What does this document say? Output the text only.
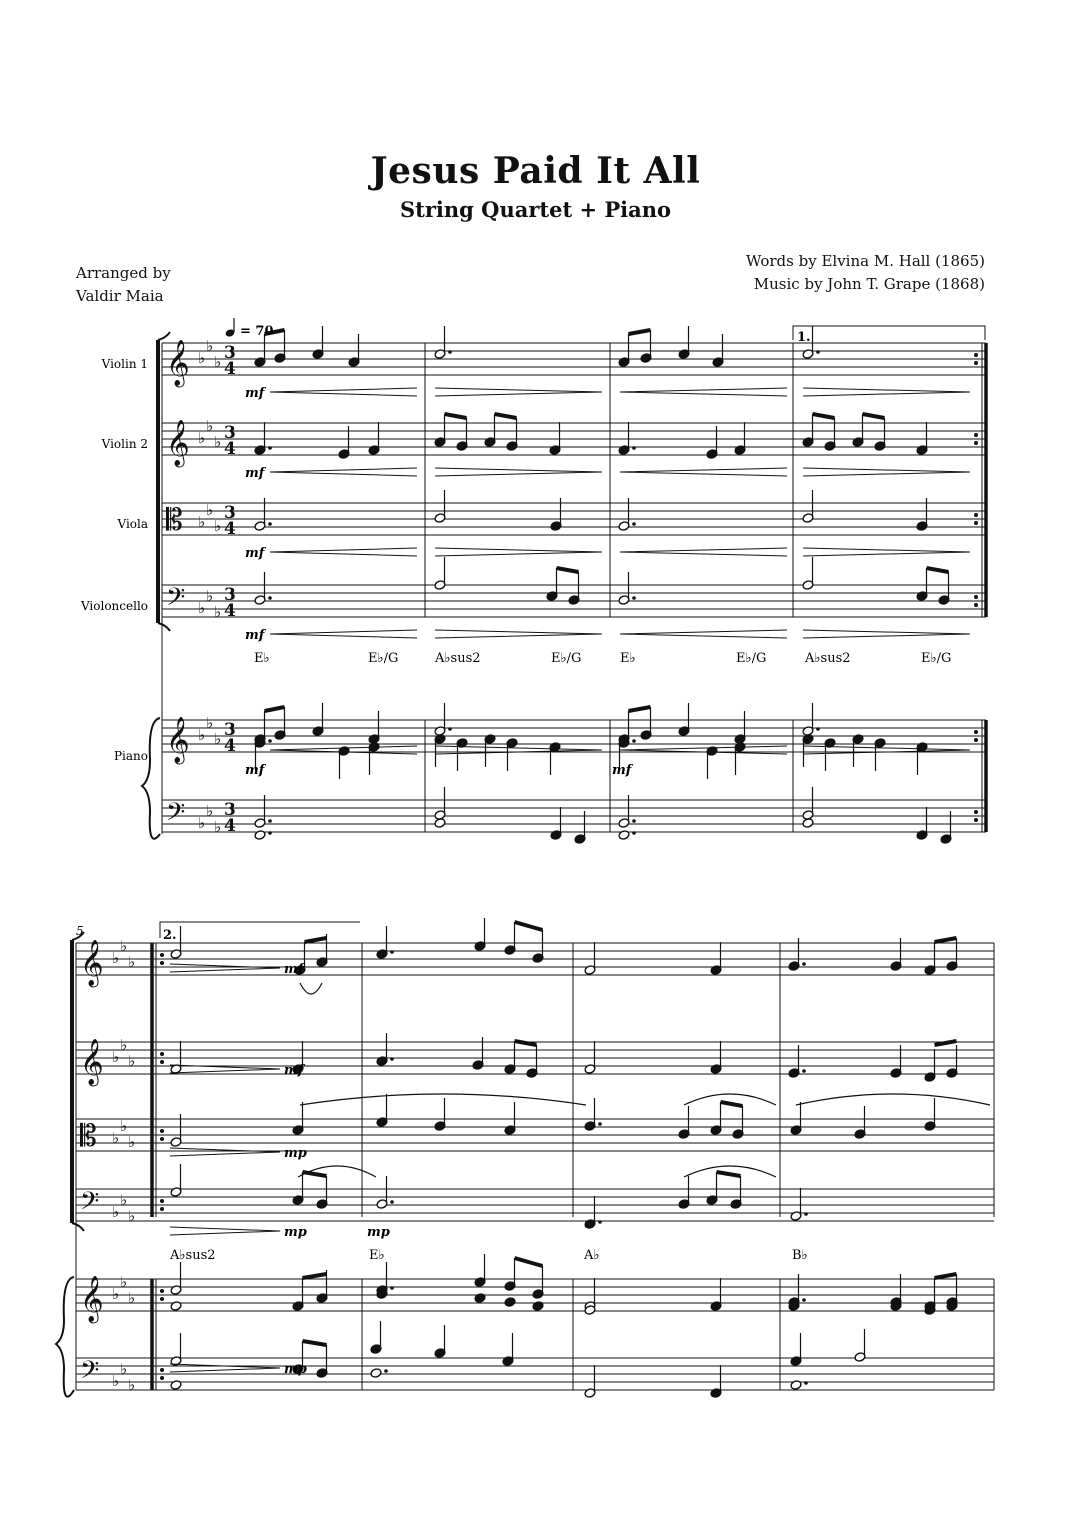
Jesus Paid It All
String Quartet + Piano
Arranged by
Valdir Maia
Words by Elvina M. Hall (1865)
Music by John T. Grape (1868)
𝄞 ♭
♭
♭ 3
4
𝄞 ♭
♭
♭ 3
4
𝄡 ♭
♭
♭
3
4
𝄢 ♭
♭
♭
3
4
𝄞 ♭
♭
♭ 3
4
𝄢 ♭
♭
♭
3
4
𝄞 ♭
♭
♭
𝄞 ♭
♭
♭
𝄡 ♭
♭
♭
𝄢 ♭
♭
♭
𝄞 ♭
♭
♭
𝄢 ♭
♭
♭
= 70
Violin 1
Violin 2
Viola
Violoncello
Piano
1.
2.
5
mf
mf
mf
mf
mf	mf
mf
mf
mp
mp	mp
mp
E♭	E♭/G	A♭sus2	E♭/G	E♭	E♭/G	A♭sus2	E♭/G
A♭sus2	E♭	A♭	B♭
